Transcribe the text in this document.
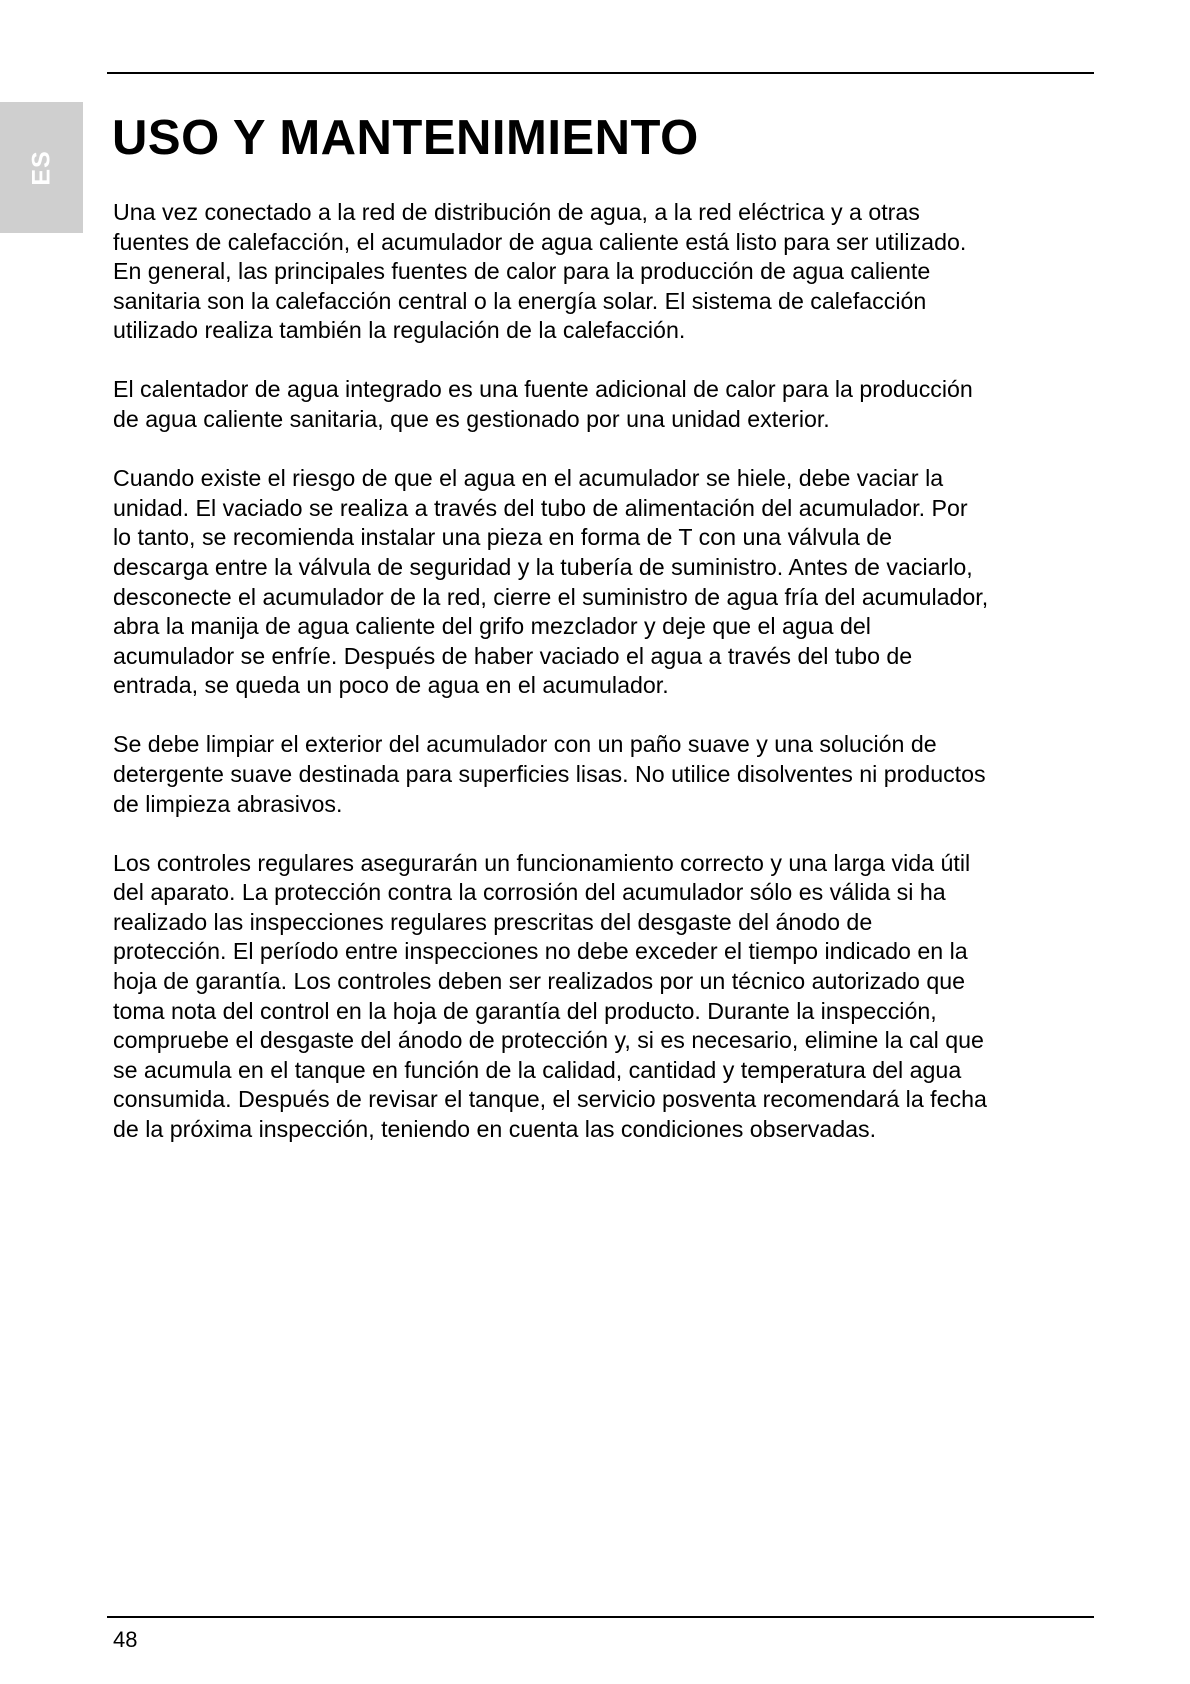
ES
USO Y MANTENIMIENTO

Una vez conectado a la red de distribución de agua, a la red eléctrica y a otras
fuentes de calefacción, el acumulador de agua caliente está listo para ser utilizado.
En general, las principales fuentes de calor para la producción de agua caliente
sanitaria son la calefacción central o la energía solar. El sistema de calefacción
utilizado realiza también la regulación de la calefacción.

El calentador de agua integrado es una fuente adicional de calor para la producción
de agua caliente sanitaria, que es gestionado por una unidad exterior.

Cuando existe el riesgo de que el agua en el acumulador se hiele, debe vaciar la
unidad. El vaciado se realiza a través del tubo de alimentación del acumulador. Por
lo tanto, se recomienda instalar una pieza en forma de T con una válvula de
descarga entre la válvula de seguridad y la tubería de suministro. Antes de vaciarlo,
desconecte el acumulador de la red, cierre el suministro de agua fría del acumulador,
abra la manija de agua caliente del grifo mezclador y deje que el agua del
acumulador se enfríe. Después de haber vaciado el agua a través del tubo de
entrada, se queda un poco de agua en el acumulador.

Se debe limpiar el exterior del acumulador con un paño suave y una solución de
detergente suave destinada para superficies lisas. No utilice disolventes ni productos
de limpieza abrasivos.

Los controles regulares asegurarán un funcionamiento correcto y una larga vida útil
del aparato. La protección contra la corrosión del acumulador sólo es válida si ha
realizado las inspecciones regulares prescritas del desgaste del ánodo de
protección. El período entre inspecciones no debe exceder el tiempo indicado en la
hoja de garantía. Los controles deben ser realizados por un técnico autorizado que
toma nota del control en la hoja de garantía del producto. Durante la inspección,
compruebe el desgaste del ánodo de protección y, si es necesario, elimine la cal que
se acumula en el tanque en función de la calidad, cantidad y temperatura del agua
consumida. Después de revisar el tanque, el servicio posventa recomendará la fecha
de la próxima inspección, teniendo en cuenta las condiciones observadas.

48
